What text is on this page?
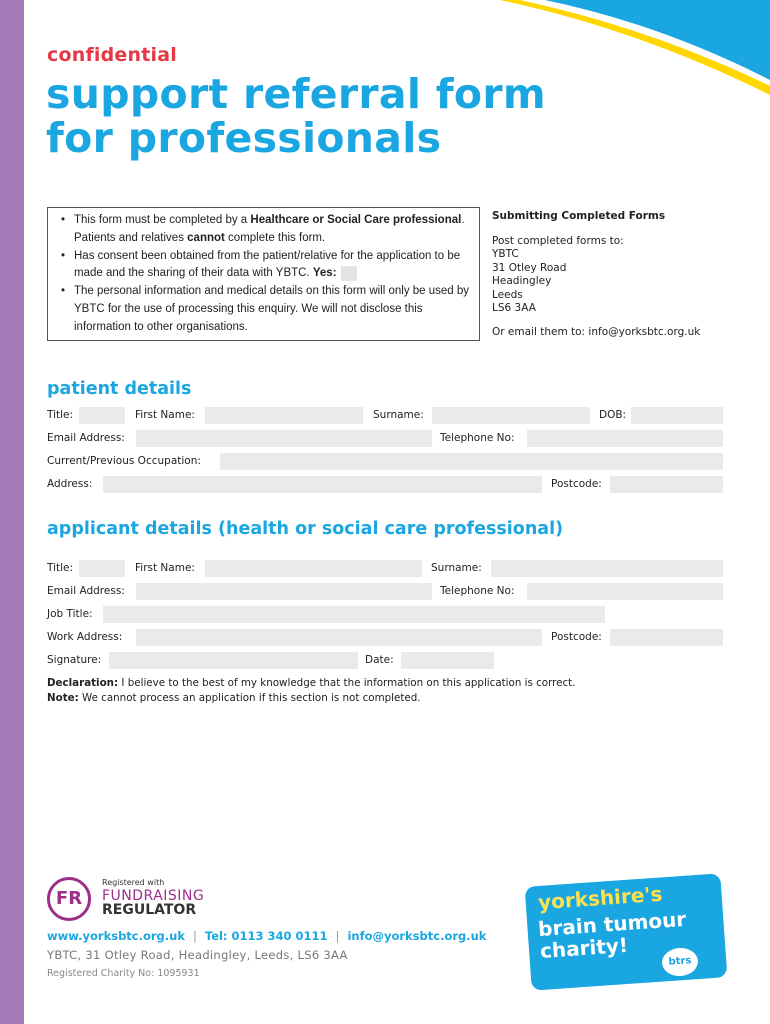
confidential
support referral form
for professionals
• This form must be completed by a Healthcare or Social Care professional. Patients and relatives cannot complete this form.
• Has consent been obtained from the patient/relative for the application to be made and the sharing of their data with YBTC. Yes:
• The personal information and medical details on this form will only be used by YBTC for the use of processing this enquiry. We will not disclose this information to other organisations.
Submitting Completed Forms
Post completed forms to:
YBTC
31 Otley Road
Headingley
Leeds
LS6 3AA
Or email them to: info@yorksbtc.org.uk
patient details
Title:	First Name:	Surname:	DOB:
Email Address:	Telephone No:
Current/Previous Occupation:
Address:	Postcode:
applicant details (health or social care professional)
Title:	First Name:	Surname:
Email Address:	Telephone No:
Job Title:
Work Address:	Postcode:
Signature:	Date:
Declaration: I believe to the best of my knowledge that the information on this application is correct.
Note: We cannot process an application if this section is not completed.
FR
Registered with
FUNDRAISING
REGULATOR
www.yorksbtc.org.uk | Tel: 0113 340 0111 | info@yorksbtc.org.uk
YBTC, 31 Otley Road, Headingley, Leeds, LS6 3AA
Registered Charity No: 1095931
yorkshire's
brain tumour
charity!	btrs
